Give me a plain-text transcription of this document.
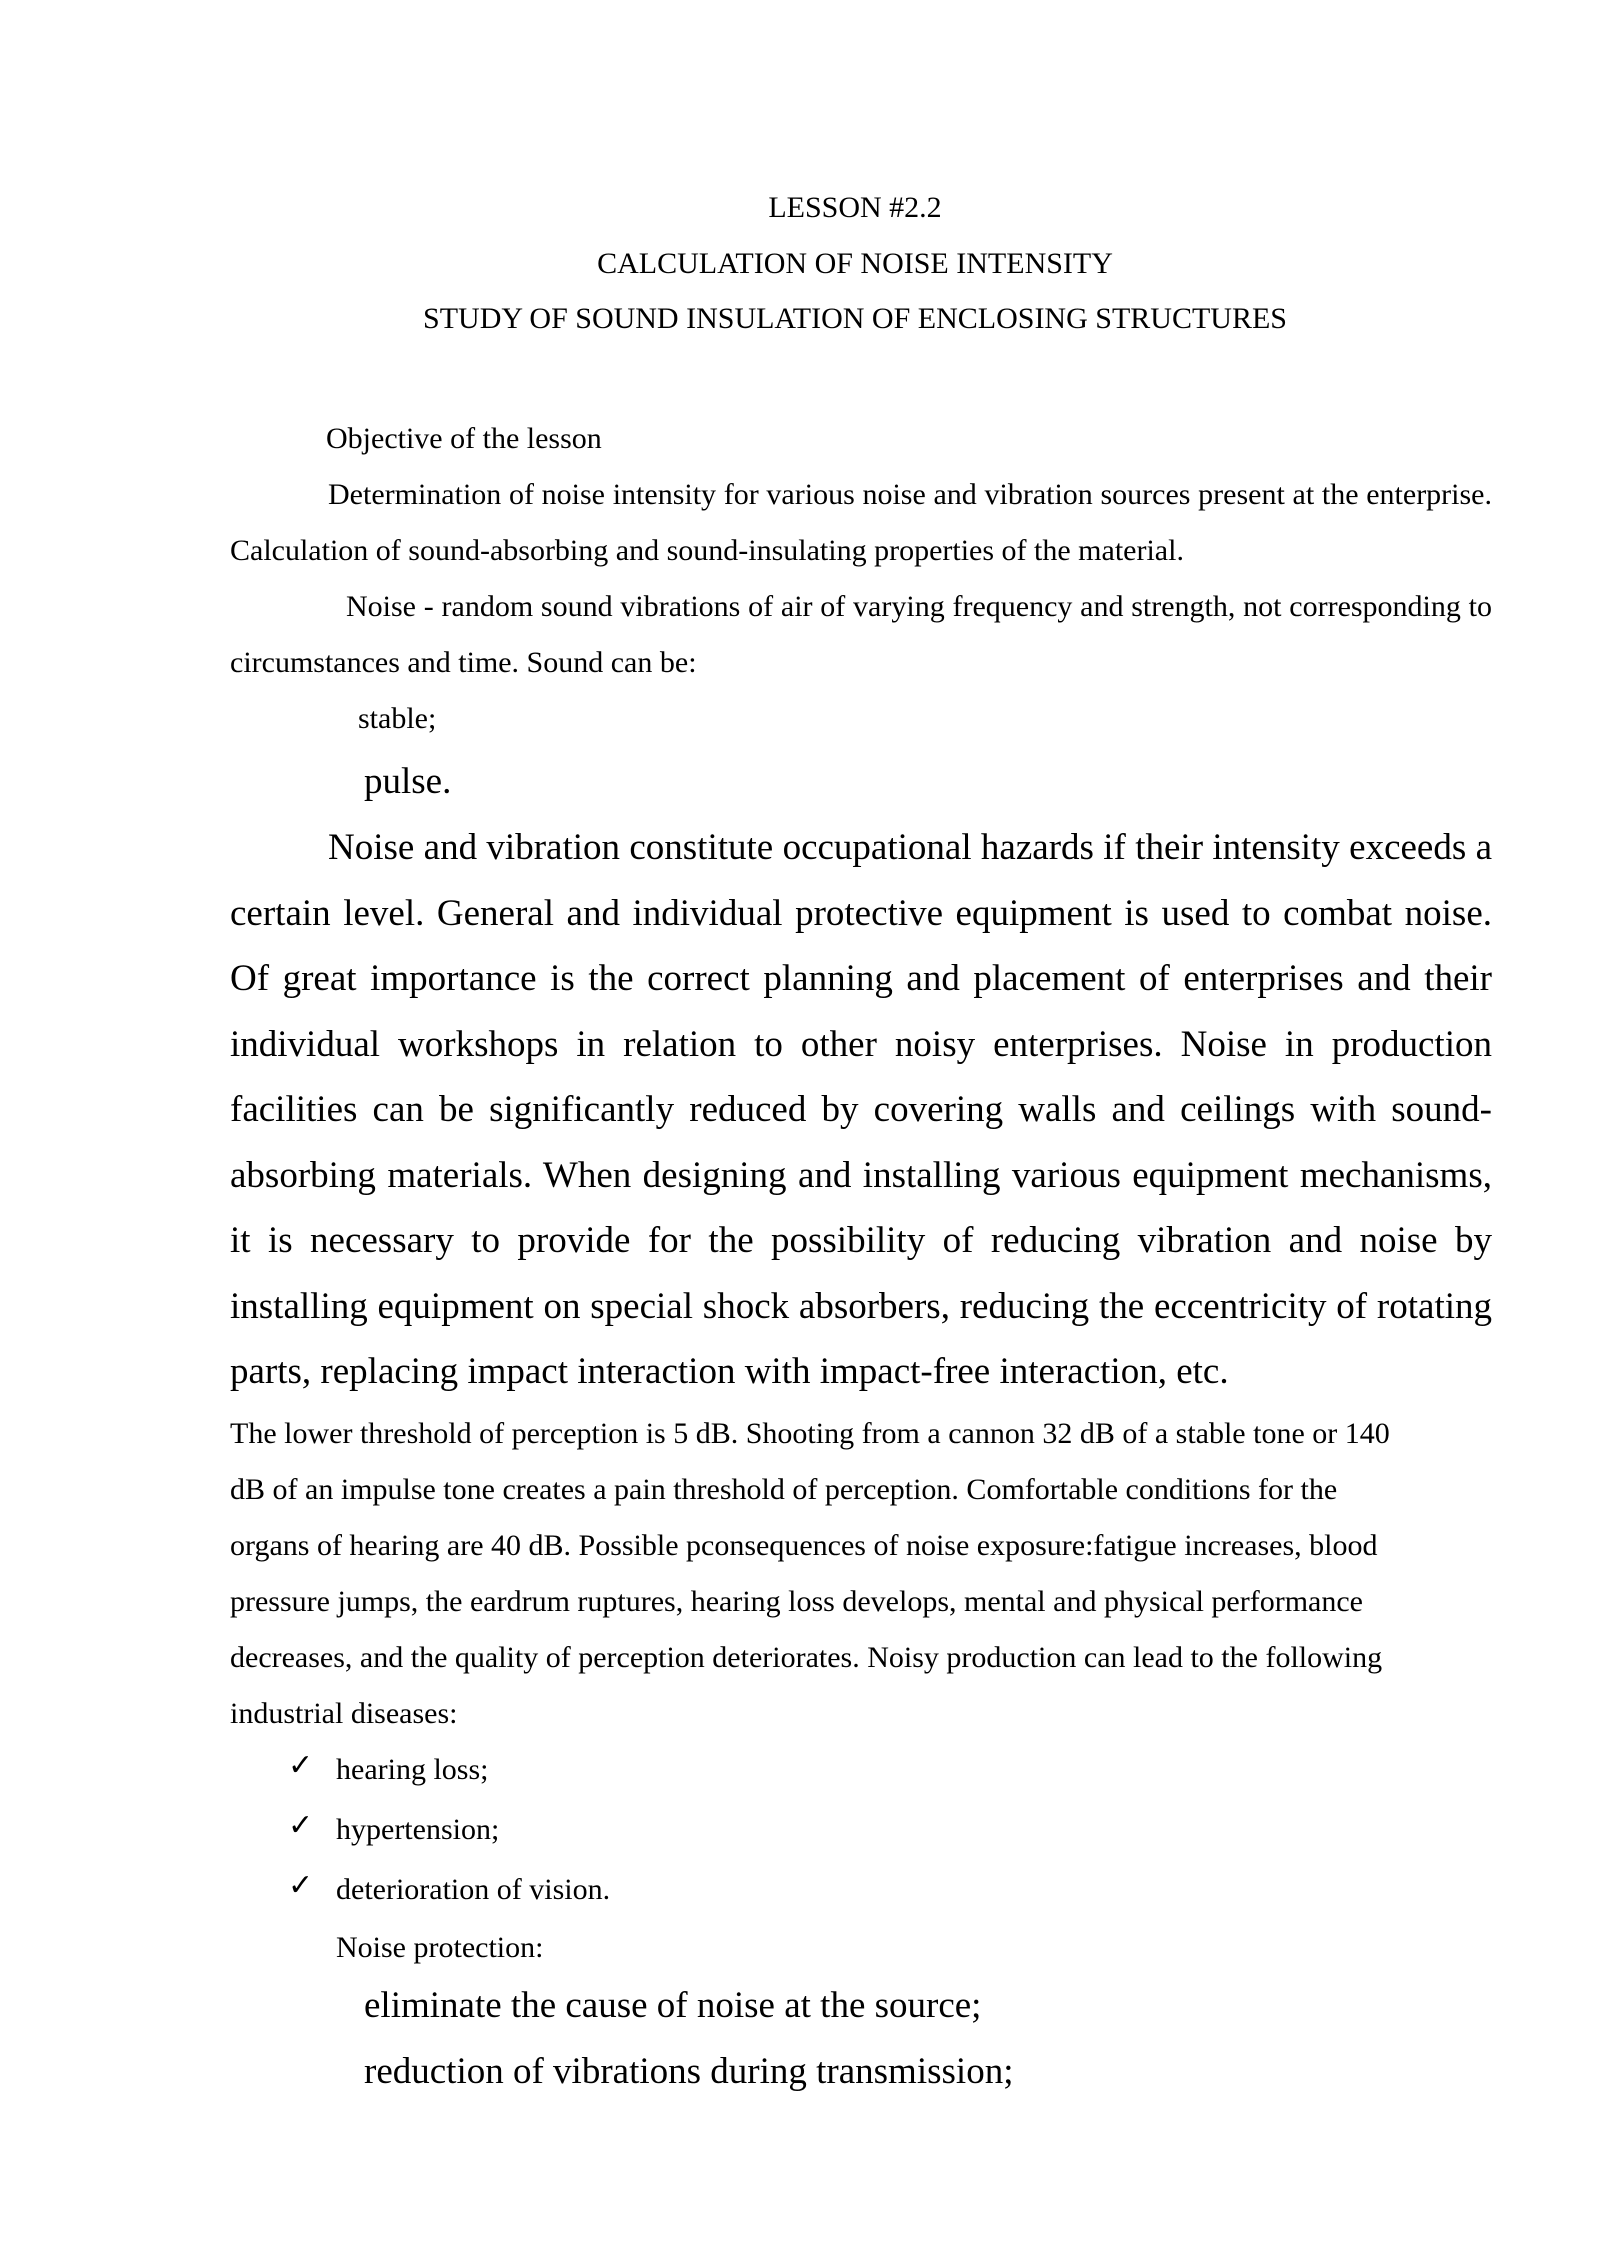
LESSON #2.2
CALCULATION OF NOISE INTENSITY
STUDY OF SOUND INSULATION OF ENCLOSING STRUCTURES
Objective of the lesson
Determination of noise intensity for various noise and vibration sources present at the enterprise. Calculation of sound-absorbing and sound-insulating properties of the material.
Noise - random sound vibrations of air of varying frequency and strength, not corresponding to circumstances and time. Sound can be:
stable;
pulse.
Noise and vibration constitute occupational hazards if their intensity exceeds a certain level. General and individual protective equipment is used to combat noise. Of great importance is the correct planning and placement of enterprises and their individual workshops in relation to other noisy enterprises. Noise in production facilities can be significantly reduced by covering walls and ceilings with sound-absorbing materials. When designing and installing various equipment mechanisms, it is necessary to provide for the possibility of reducing vibration and noise by installing equipment on special shock absorbers, reducing the eccentricity of rotating parts, replacing impact interaction with impact-free interaction, etc.
The lower threshold of perception is 5 dB. Shooting from a cannon 32 dB of a stable tone or 140
dB of an impulse tone creates a pain threshold of perception. Comfortable conditions for the
organs of hearing are 40 dB. Possible pconsequences of noise exposure:fatigue increases, blood
pressure jumps, the eardrum ruptures, hearing loss develops, mental and physical performance
decreases, and the quality of perception deteriorates. Noisy production can lead to the following
industrial diseases:
✓ hearing loss;
✓ hypertension;
✓ deterioration of vision.
Noise protection:
eliminate the cause of noise at the source;
reduction of vibrations during transmission;
